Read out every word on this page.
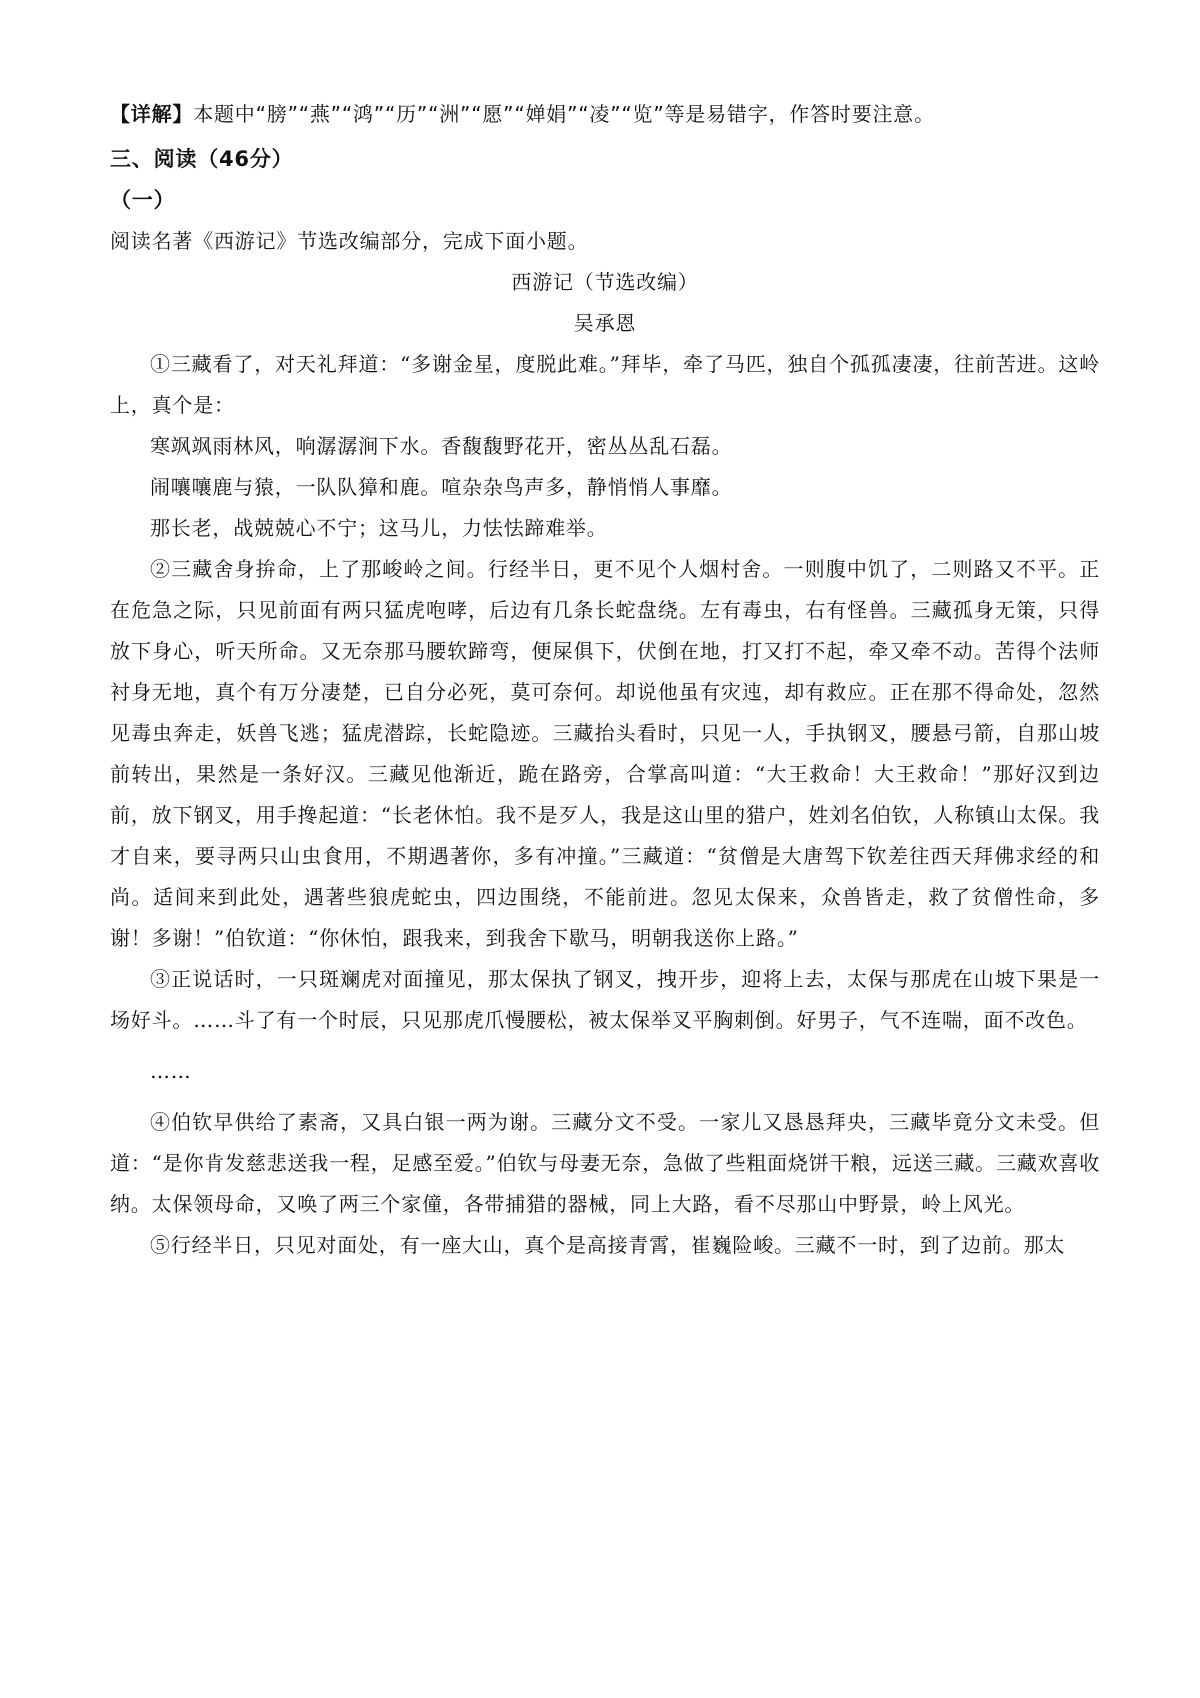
【详解】本题中“膀”“燕”“鸿”“历”“洲”“愿”“婵娟”“凌”“览”等是易错字，作答时要注意。

三、阅读（46分）

（一）

阅读名著《西游记》节选改编部分，完成下面小题。

西游记（节选改编）

吴承恩

①三藏看了，对天礼拜道：“多谢金星，度脱此难。”拜毕，牵了马匹，独自个孤孤凄凄，往前苦进。这岭上，真个是：

寒飒飒雨林风，响潺潺涧下水。香馥馥野花开，密丛丛乱石磊。

闹嚷嚷鹿与猿，一队队獐和鹿。喧杂杂鸟声多，静悄悄人事靡。

那长老，战兢兢心不宁；这马儿，力怯怯蹄难举。

②三藏舍身拚命，上了那峻岭之间。行经半日，更不见个人烟村舍。一则腹中饥了，二则路又不平。正在危急之际，只见前面有两只猛虎咆哮，后边有几条长蛇盘绕。左有毒虫，右有怪兽。三藏孤身无策，只得放下身心，听天所命。又无奈那马腰软蹄弯，便屎俱下，伏倒在地，打又打不起，牵又牵不动。苦得个法师衬身无地，真个有万分凄楚，已自分必死，莫可奈何。却说他虽有灾迍，却有救应。正在那不得命处，忽然见毒虫奔走，妖兽飞逃；猛虎潜踪，长蛇隐迹。三藏抬头看时，只见一人，手执钢叉，腰悬弓箭，自那山坡前转出，果然是一条好汉。三藏见他渐近，跪在路旁，合掌高叫道：“大王救命！大王救命！”那好汉到边前，放下钢叉，用手搀起道：“长老休怕。我不是歹人，我是这山里的猎户，姓刘名伯钦，人称镇山太保。我才自来，要寻两只山虫食用，不期遇著你，多有冲撞。”三藏道：“贫僧是大唐驾下钦差往西天拜佛求经的和尚。适间来到此处，遇著些狼虎蛇虫，四边围绕，不能前进。忽见太保来，众兽皆走，救了贫僧性命，多谢！多谢！”伯钦道：“你休怕，跟我来，到我舍下歇马，明朝我送你上路。”

③正说话时，一只斑斓虎对面撞见，那太保执了钢叉，拽开步，迎将上去，太保与那虎在山坡下果是一场好斗。……斗了有一个时辰，只见那虎爪慢腰松，被太保举叉平胸刺倒。好男子，气不连喘，面不改色。

……

④伯钦早供给了素斋，又具白银一两为谢。三藏分文不受。一家儿又恳恳拜央，三藏毕竟分文未受。但道：“是你肯发慈悲送我一程，足感至爱。”伯钦与母妻无奈，急做了些粗面烧饼干粮，远送三藏。三藏欢喜收纳。太保领母命，又唤了两三个家僮，各带捕猎的器械，同上大路，看不尽那山中野景，岭上风光。

⑤行经半日，只见对面处，有一座大山，真个是高接青霄，崔巍险峻。三藏不一时，到了边前。那太
